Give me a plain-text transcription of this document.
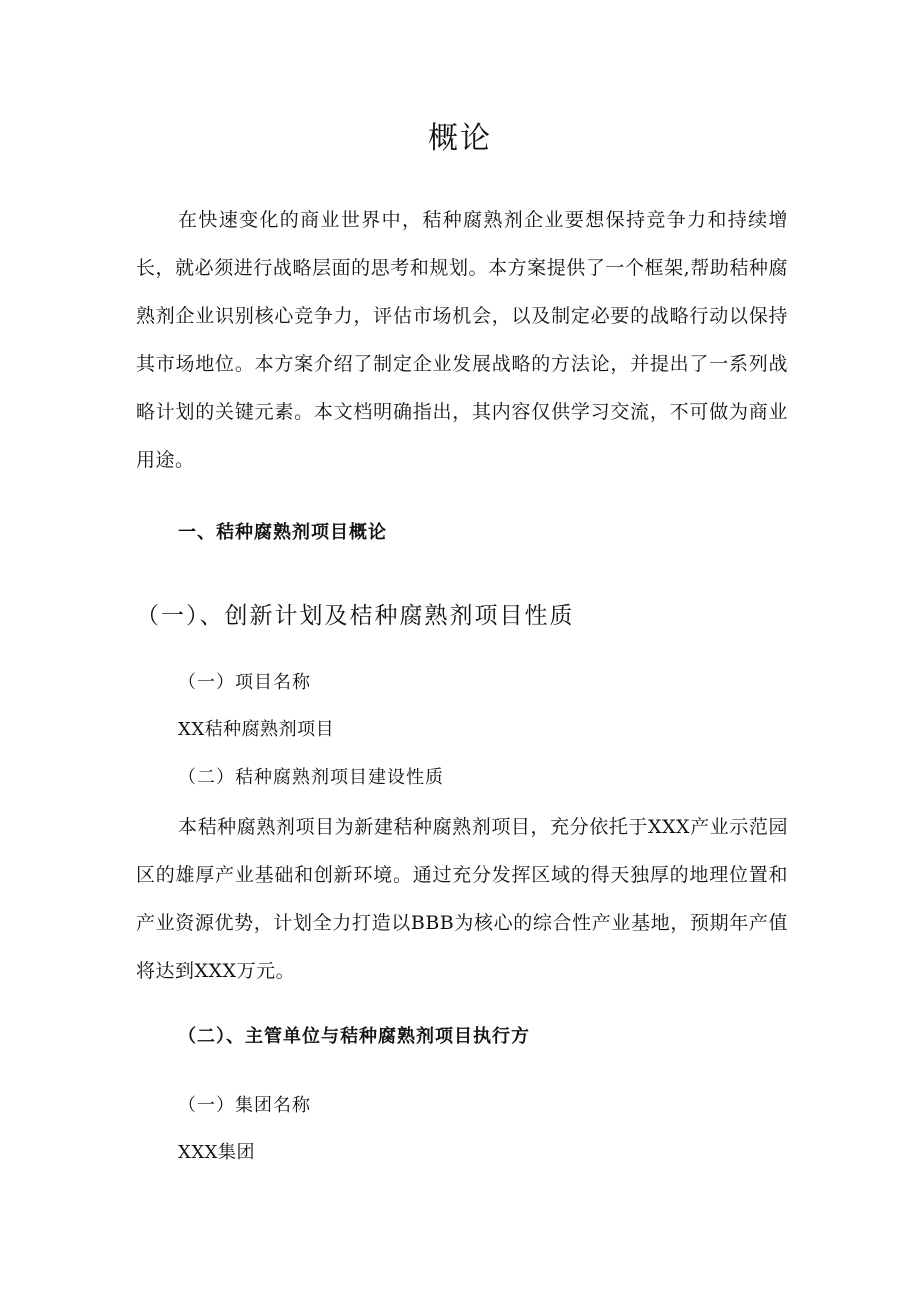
概论

在快速变化的商业世界中，秸种腐熟剂企业要想保持竞争力和持续增长，就必须进行战略层面的思考和规划。本方案提供了一个框架,帮助秸种腐熟剂企业识别核心竞争力，评估市场机会，以及制定必要的战略行动以保持其市场地位。本方案介绍了制定企业发展战略的方法论，并提出了一系列战略计划的关键元素。本文档明确指出，其内容仅供学习交流，不可做为商业用途。

一、秸种腐熟剂项目概论
（一）、创新计划及桔种腐熟剂项目性质
（一）项目名称

XX秸种腐熟剂项目

（二）秸种腐熟剂项目建设性质

本秸种腐熟剂项目为新建秸种腐熟剂项目，充分依托于XXX产业示范园区的雄厚产业基础和创新环境。通过充分发挥区域的得天独厚的地理位置和产业资源优势，计划全力打造以BBB为核心的综合性产业基地，预期年产值将达到XXX万元。

（二）、主管单位与秸种腐熟剂项目执行方
（一）集团名称

XXX集团
